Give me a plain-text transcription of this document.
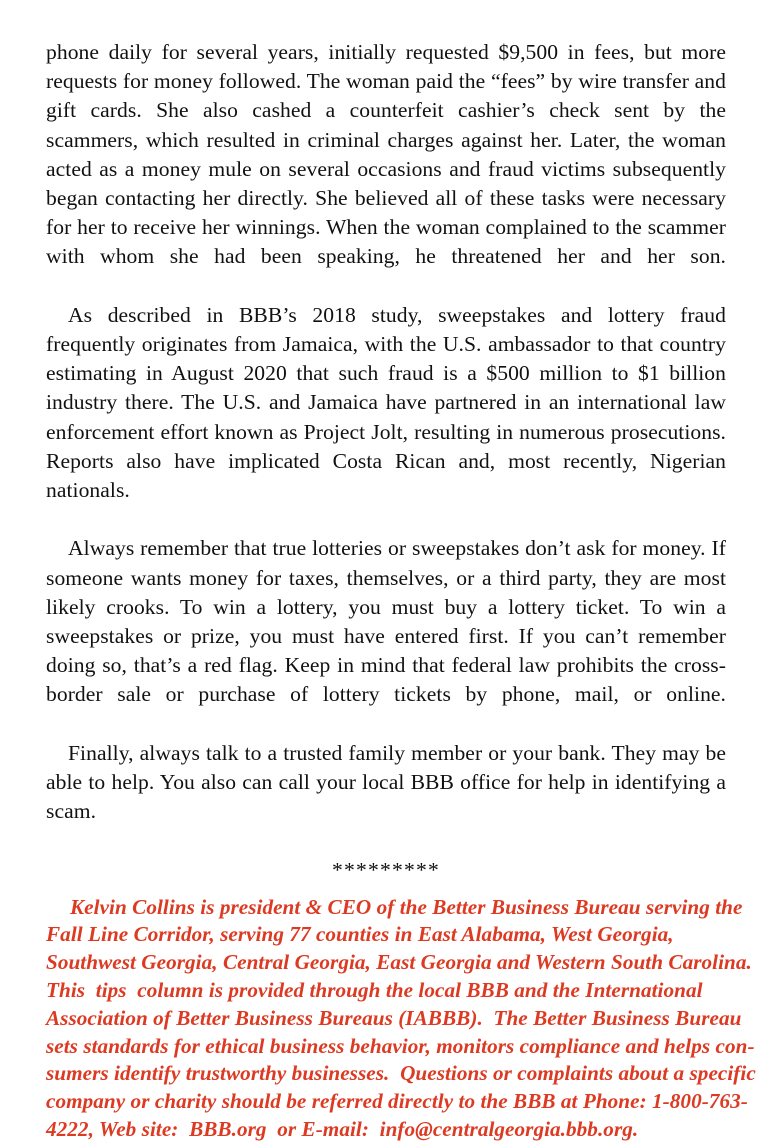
phone daily for several years, initially requested $9,500 in fees, but more requests for money followed. The woman paid the “fees” by wire transfer and gift cards. She also cashed a counterfeit cashier’s check sent by the scammers, which resulted in criminal charges against her. Later, the woman acted as a money mule on several occasions and fraud victims subsequently began contacting her directly. She believed all of these tasks were necessary for her to receive her winnings. When the woman complained to the scammer with whom she had been speaking, he threatened her and her son.

As described in BBB’s 2018 study, sweepstakes and lottery fraud frequently originates from Jamaica, with the U.S. ambassador to that country estimating in August 2020 that such fraud is a $500 million to $1 billion industry there. The U.S. and Jamaica have partnered in an international law enforcement effort known as Project Jolt, resulting in numerous prosecutions. Reports also have implicated Costa Rican and, most recently, Nigerian nationals.

Always remember that true lotteries or sweepstakes don’t ask for money. If someone wants money for taxes, themselves, or a third party, they are most likely crooks. To win a lottery, you must buy a lottery ticket. To win a sweepstakes or prize, you must have entered first. If you can’t remember doing so, that’s a red flag. Keep in mind that federal law prohibits the cross-border sale or purchase of lottery tickets by phone, mail, or online.

Finally, always talk to a trusted family member or your bank. They may be able to help. You also can call your local BBB office for help in identifying a scam.

*********

Kelvin Collins is president & CEO of the Better Business Bureau serving the

Fall Line Corridor, serving 77 counties in East Alabama, West Georgia,

Southwest Georgia, Central Georgia, East Georgia and Western South Carolina.

This  tips  column is provided through the local BBB and the International

Association of Better Business Bureaus (IABBB).  The Better Business Bureau

sets standards for ethical business behavior, monitors compliance and helps con-

sumers identify trustworthy businesses.  Questions or complaints about a specific

company or charity should be referred directly to the BBB at Phone: 1-800-763-

4222, Web site:  BBB.org  or E-mail:  info@centralgeorgia.bbb.org.
